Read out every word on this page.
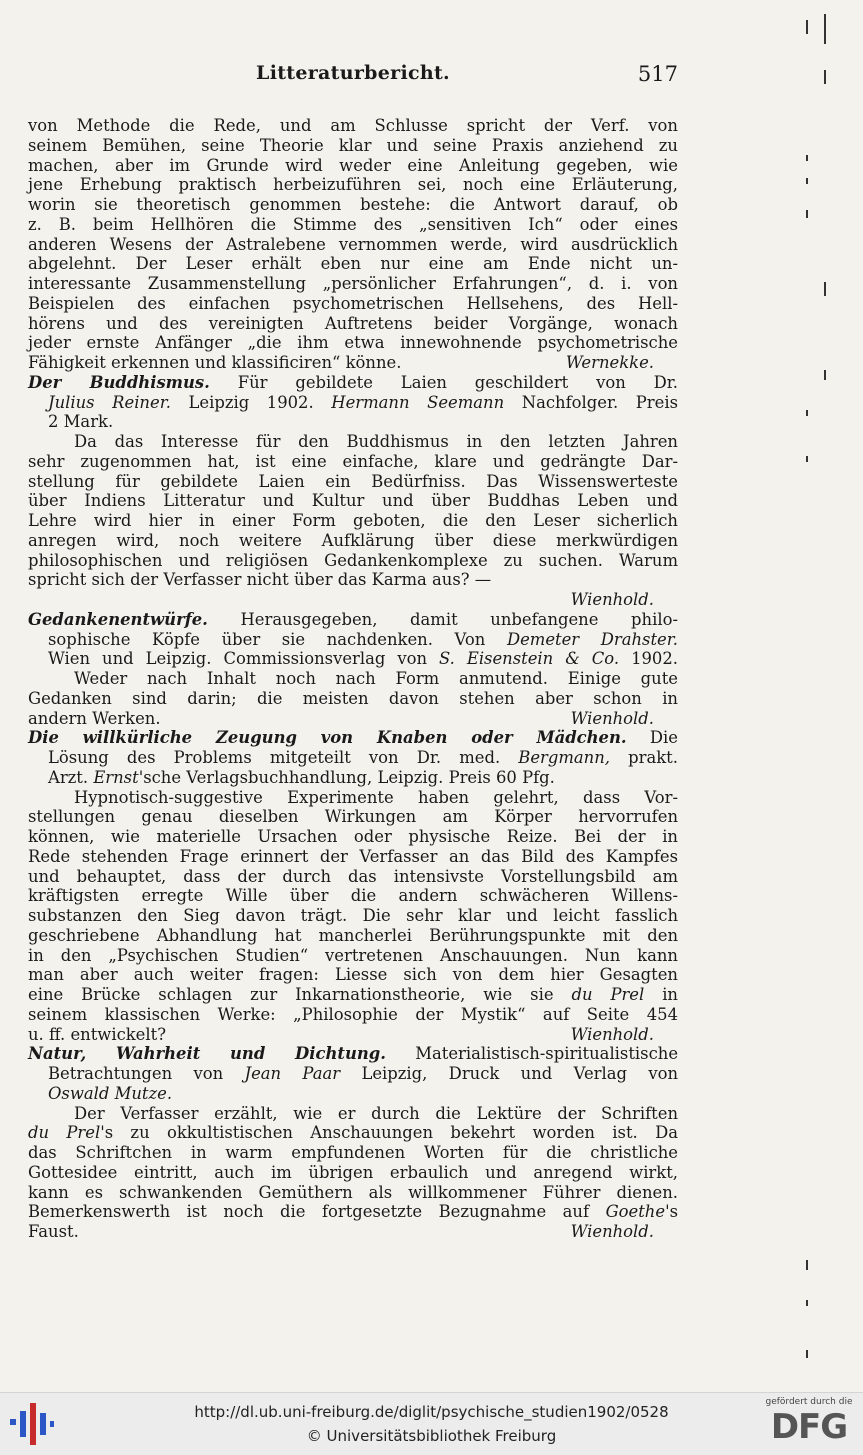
Litteraturbericht.	517
von Methode die Rede, und am Schlusse spricht der Verf. von
seinem Bemühen, seine Theorie klar und seine Praxis anziehend zu
machen, aber im Grunde wird weder eine Anleitung gegeben, wie
jene Erhebung praktisch herbeizuführen sei, noch eine Erläuterung,
worin sie theoretisch genommen bestehe: die Antwort darauf, ob
z. B. beim Hellhören die Stimme des „sensitiven Ich“ oder eines
anderen Wesens der Astralebene vernommen werde, wird ausdrücklich
abgelehnt. Der Leser erhält eben nur eine am Ende nicht un-
interessante Zusammenstellung „persönlicher Erfahrungen“, d. i. von
Beispielen des einfachen psychometrischen Hellsehens, des Hell-
hörens und des vereinigten Auftretens beider Vorgänge, wonach
jeder ernste Anfänger „die ihm etwa innewohnende psychometrische
Fähigkeit erkennen und klassificiren“ könne.	Wernekke.
Der Buddhismus. Für gebildete Laien geschildert von Dr.
Julius Reiner. Leipzig 1902. Hermann Seemann Nachfolger. Preis
2 Mark.
Da das Interesse für den Buddhismus in den letzten Jahren
sehr zugenommen hat, ist eine einfache, klare und gedrängte Dar-
stellung für gebildete Laien ein Bedürfniss. Das Wissenswerteste
über Indiens Litteratur und Kultur und über Buddhas Leben und
Lehre wird hier in einer Form geboten, die den Leser sicherlich
anregen wird, noch weitere Aufklärung über diese merkwürdigen
philosophischen und religiösen Gedankenkomplexe zu suchen. Warum
spricht sich der Verfasser nicht über das Karma aus? —
Wienhold.
Gedankenentwürfe. Herausgegeben, damit unbefangene philo-
sophische Köpfe über sie nachdenken. Von Demeter Drahster.
Wien und Leipzig. Commissionsverlag von S. Eisenstein & Co. 1902.
Weder nach Inhalt noch nach Form anmutend. Einige gute
Gedanken sind darin; die meisten davon stehen aber schon in
andern Werken.	Wienhold.
Die willkürliche Zeugung von Knaben oder Mädchen. Die
Lösung des Problems mitgeteilt von Dr. med. Bergmann, prakt.
Arzt. Ernst'sche Verlagsbuchhandlung, Leipzig. Preis 60 Pfg.
Hypnotisch-suggestive Experimente haben gelehrt, dass Vor-
stellungen genau dieselben Wirkungen am Körper hervorrufen
können, wie materielle Ursachen oder physische Reize. Bei der in
Rede stehenden Frage erinnert der Verfasser an das Bild des Kampfes
und behauptet, dass der durch das intensivste Vorstellungsbild am
kräftigsten erregte Wille über die andern schwächeren Willens-
substanzen den Sieg davon trägt. Die sehr klar und leicht fasslich
geschriebene Abhandlung hat mancherlei Berührungspunkte mit den
in den „Psychischen Studien“ vertretenen Anschauungen. Nun kann
man aber auch weiter fragen: Liesse sich von dem hier Gesagten
eine Brücke schlagen zur Inkarnationstheorie, wie sie du Prel in
seinem klassischen Werke: „Philosophie der Mystik“ auf Seite 454
u. ff. entwickelt?	Wienhold.
Natur, Wahrheit und Dichtung. Materialistisch-spiritualistische
Betrachtungen von Jean Paar Leipzig, Druck und Verlag von
Oswald Mutze.
Der Verfasser erzählt, wie er durch die Lektüre der Schriften
du Prel's zu okkultistischen Anschauungen bekehrt worden ist. Da
das Schriftchen in warm empfundenen Worten für die christliche
Gottesidee eintritt, auch im übrigen erbaulich und anregend wirkt,
kann es schwankenden Gemüthern als willkommener Führer dienen.
Bemerkenswerth ist noch die fortgesetzte Bezugnahme auf Goethe's
Faust.	Wienhold.
http://dl.ub.uni-freiburg.de/diglit/psychische_studien1902/0528
© Universitätsbibliothek Freiburg
gefördert durch die
DFG
